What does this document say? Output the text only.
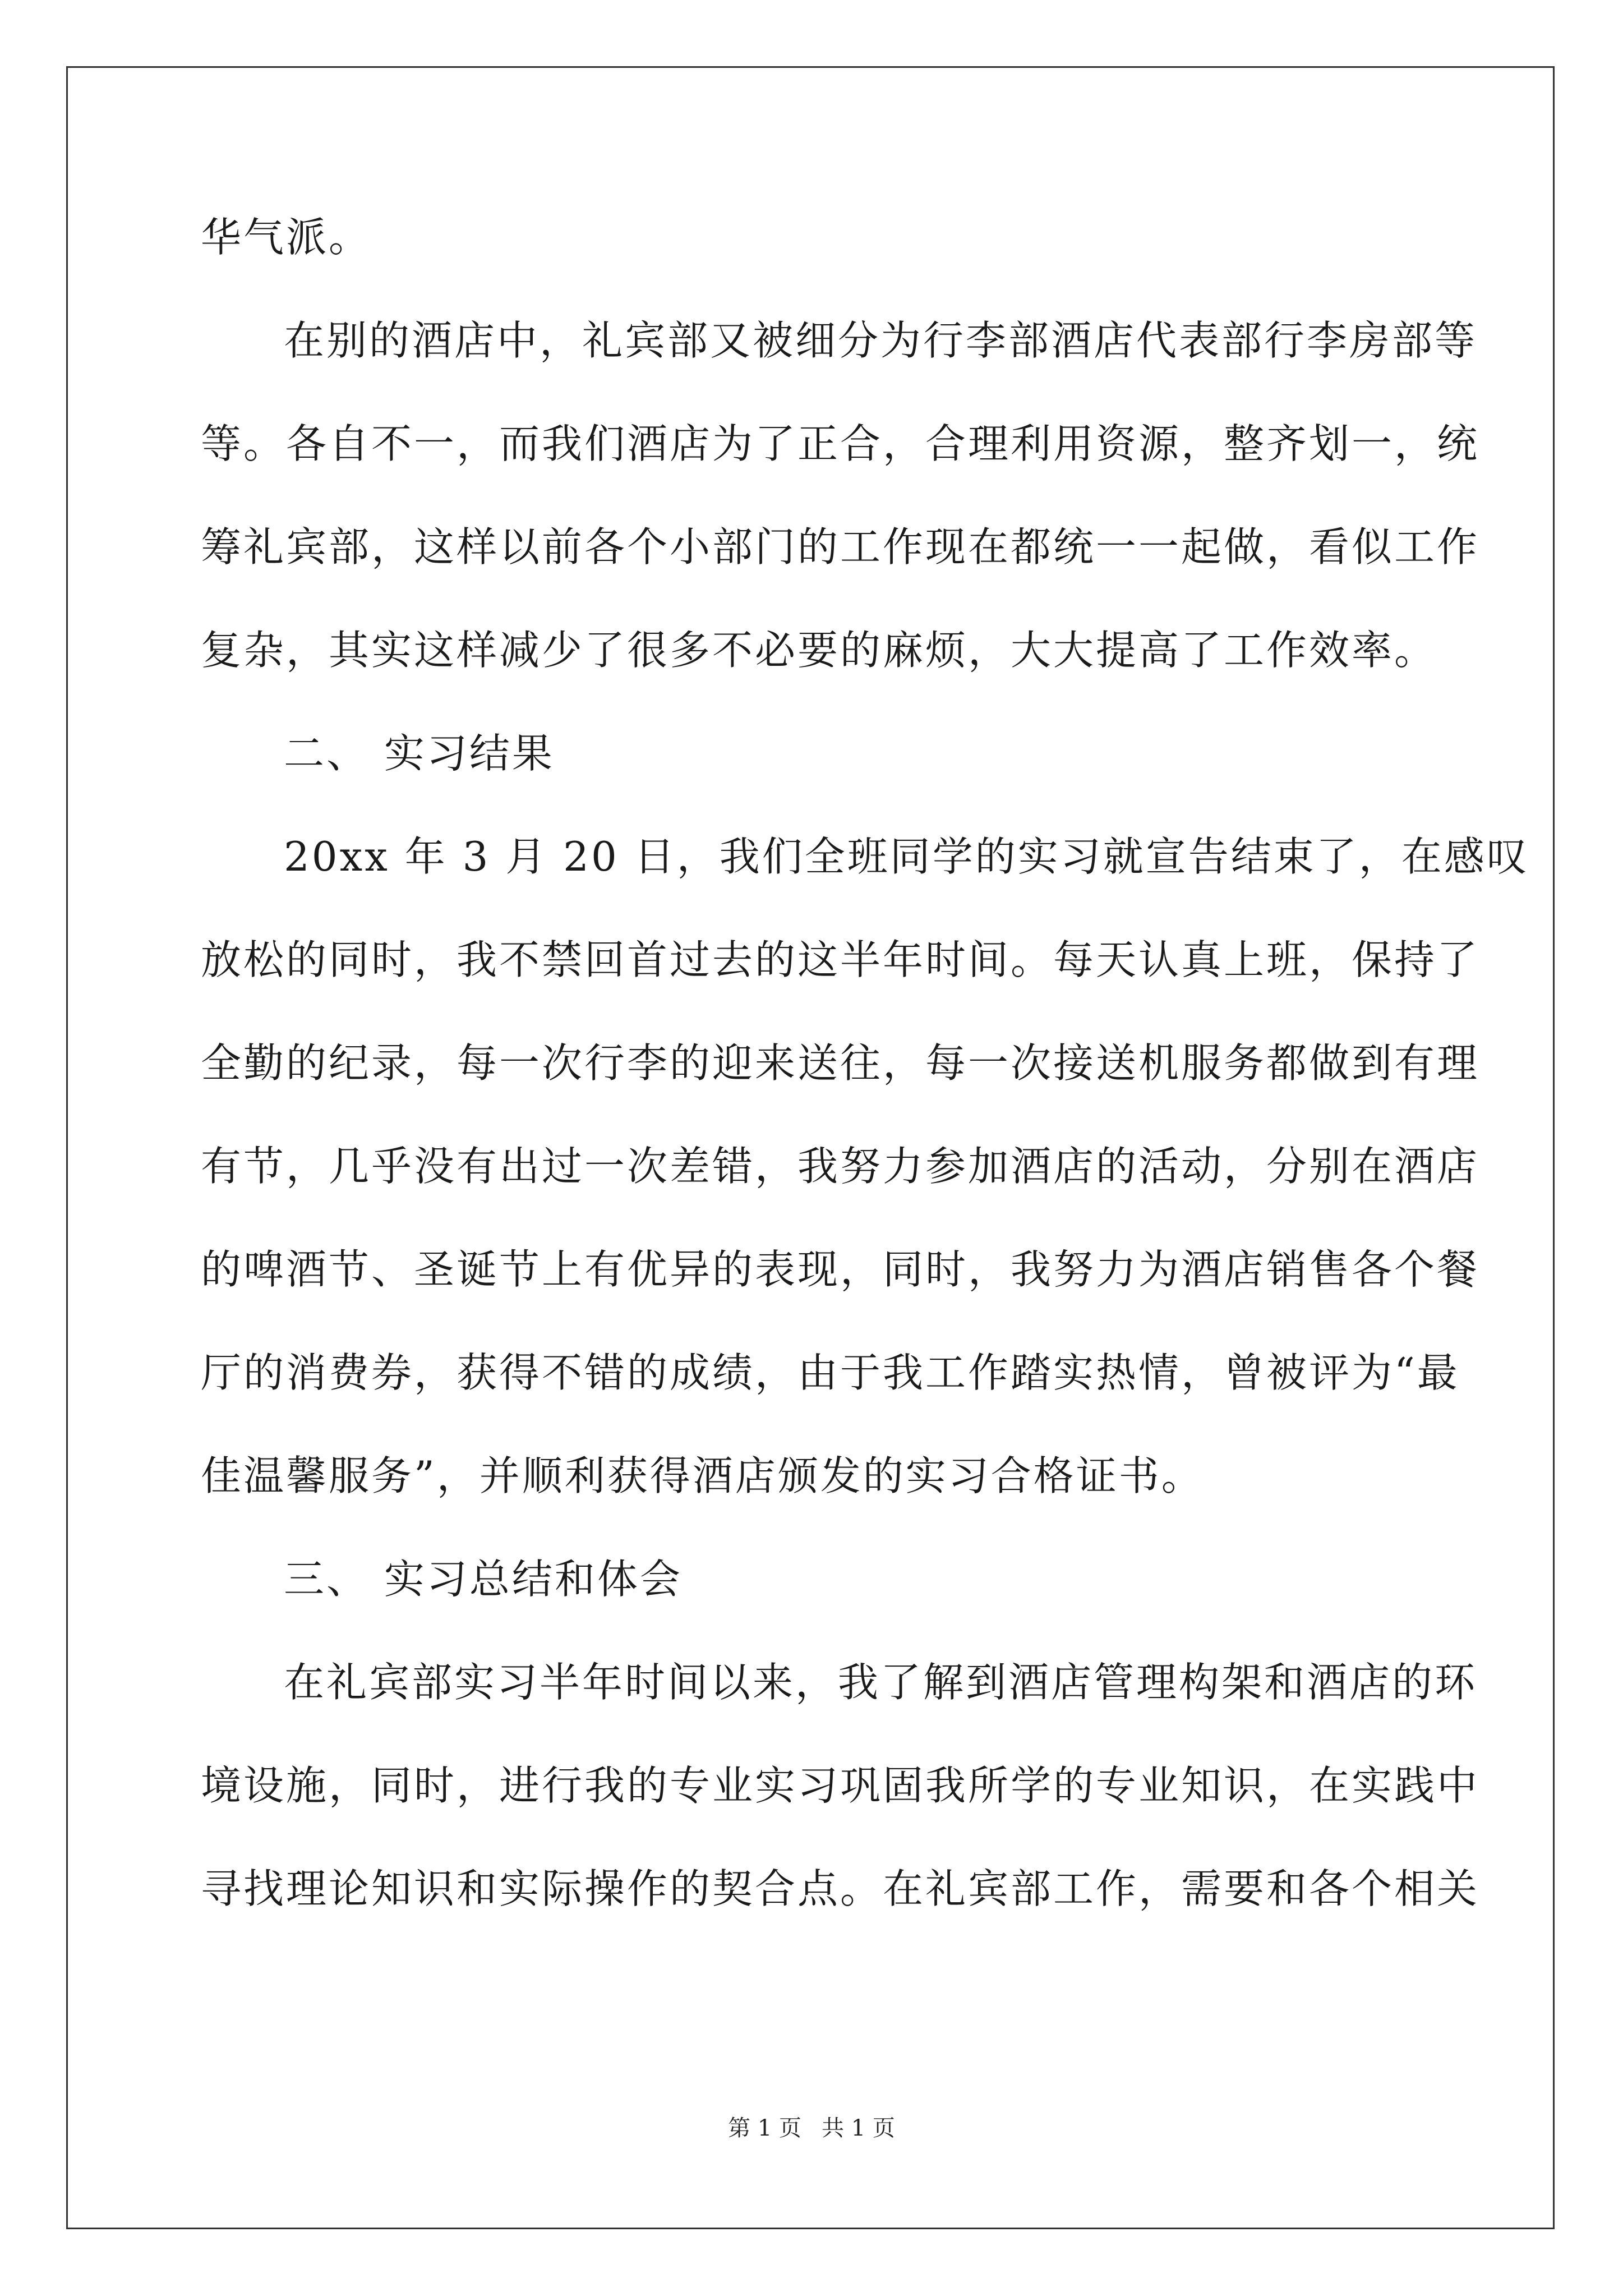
华气派。
在别的酒店中，礼宾部又被细分为行李部酒店代表部行李房部等
等。各自不一，而我们酒店为了正合，合理利用资源，整齐划一，统
筹礼宾部，这样以前各个小部门的工作现在都统一一起做，看似工作
复杂，其实这样减少了很多不必要的麻烦，大大提高了工作效率。
二、 实习结果
20xx 年 3 月 20 日，我们全班同学的实习就宣告结束了，在感叹
放松的同时，我不禁回首过去的这半年时间。每天认真上班，保持了
全勤的纪录，每一次行李的迎来送往，每一次接送机服务都做到有理
有节，几乎没有出过一次差错，我努力参加酒店的活动，分别在酒店
的啤酒节、圣诞节上有优异的表现，同时，我努力为酒店销售各个餐
厅的消费券，获得不错的成绩，由于我工作踏实热情，曾被评为“最
佳温馨服务”，并顺利获得酒店颁发的实习合格证书。
三、 实习总结和体会
在礼宾部实习半年时间以来，我了解到酒店管理构架和酒店的环
境设施，同时，进行我的专业实习巩固我所学的专业知识，在实践中
寻找理论知识和实际操作的契合点。在礼宾部工作，需要和各个相关
第 1 页 共 1 页
